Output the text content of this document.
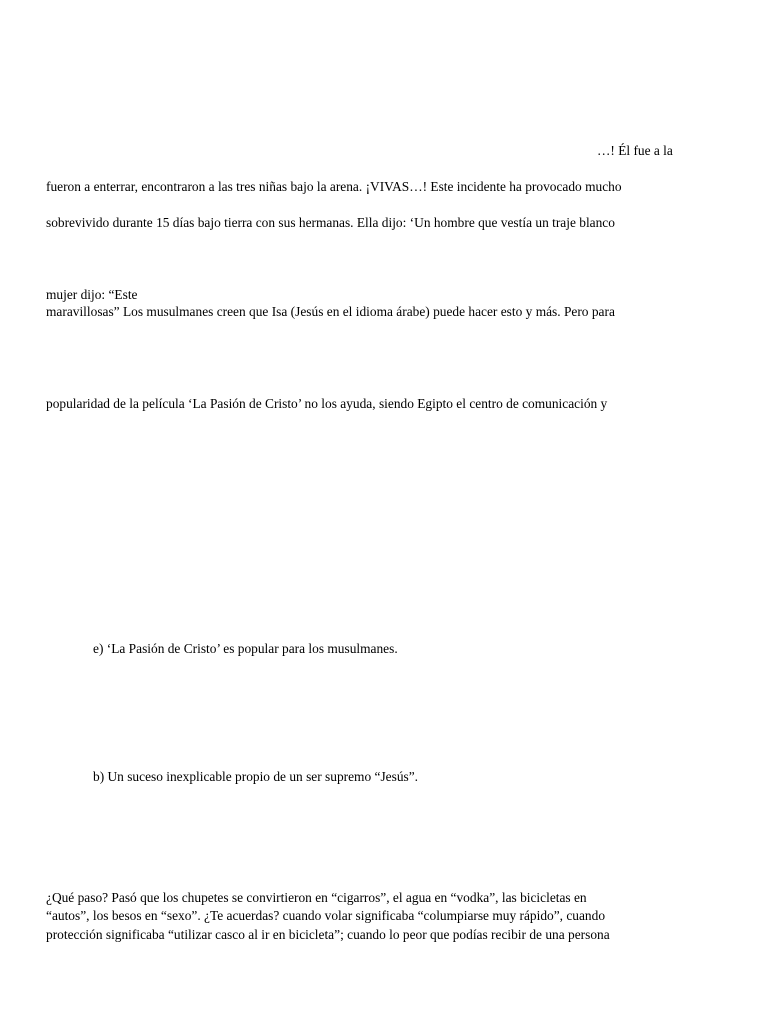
…! Él fue a la
fueron a enterrar, encontraron a las tres niñas bajo la arena. ¡VIVAS…! Este incidente ha provocado mucho
sobrevivido durante 15 días bajo tierra con sus hermanas. Ella dijo: ‘Un hombre que vestía un traje blanco
mujer dijo: “Este
maravillosas” Los musulmanes creen que Isa (Jesús en el idioma árabe) puede hacer esto y más. Pero para
popularidad de la película ‘La Pasión de Cristo’ no los ayuda, siendo Egipto el centro de comunicación y
e) ‘La Pasión de Cristo’ es popular para los musulmanes.
b) Un suceso inexplicable propio de un ser supremo “Jesús”.
¿Qué paso? Pasó que los chupetes se convirtieron en “cigarros”, el agua en “vodka”, las bicicletas en
“autos”, los besos en “sexo”. ¿Te acuerdas? cuando volar significaba “columpiarse muy rápido”, cuando
protección significaba “utilizar casco al ir en bicicleta”; cuando lo peor que podías recibir de una persona
